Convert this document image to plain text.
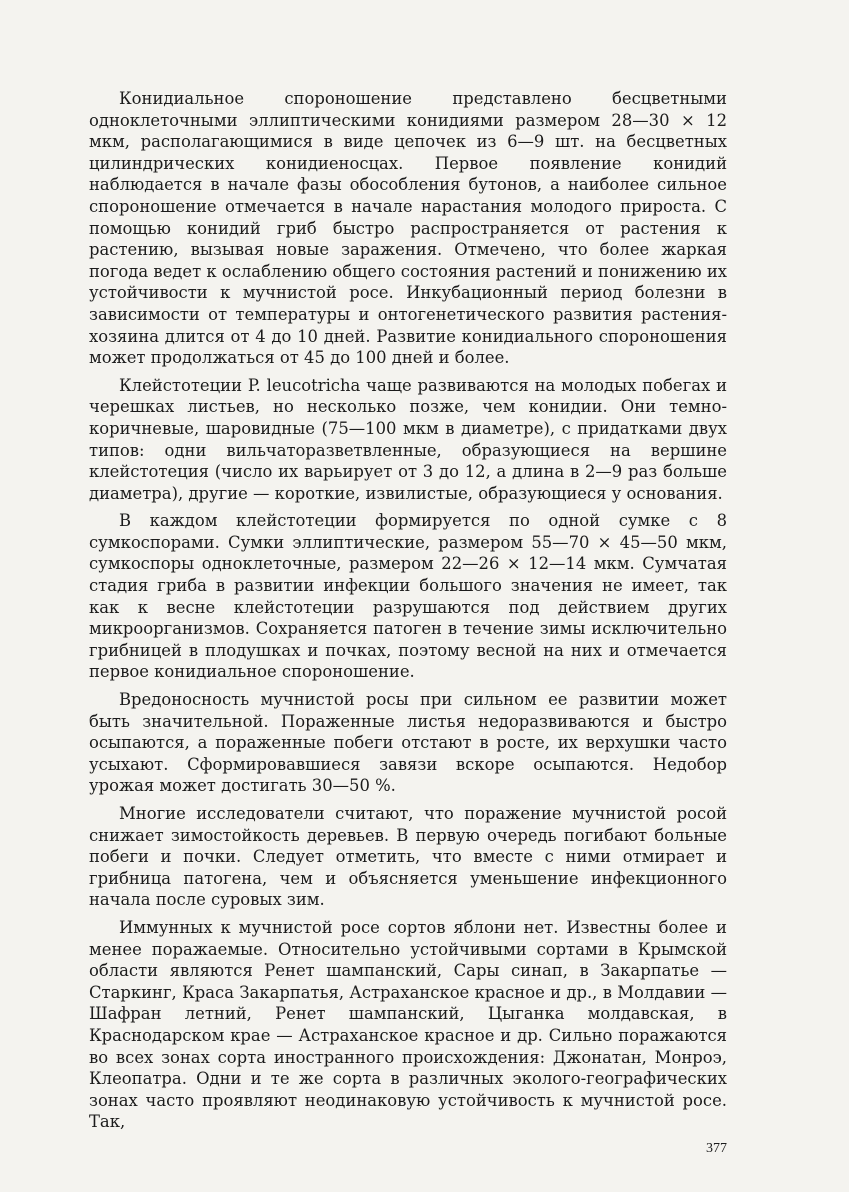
Конидиальное спороношение представлено бесцветными одноклеточными эллиптическими конидиями размером 28—30 × 12 мкм, располагающимися в виде цепочек из 6—9 шт. на бесцветных цилиндрических конидиеносцах. Первое появление конидий наблюдается в начале фазы обособления бутонов, а наиболее сильное спороношение отмечается в начале нарастания молодого прироста. С помощью конидий гриб быстро распространяется от растения к растению, вызывая новые заражения. Отмечено, что более жаркая погода ведет к ослаблению общего состояния растений и понижению их устойчивости к мучнистой росе. Инкубационный период болезни в зависимости от температуры и онтогенетического развития растения-хозяина длится от 4 до 10 дней. Развитие конидиального спороношения может продолжаться от 45 до 100 дней и более.

Клейстотеции P. leucotricha чаще развиваются на молодых побегах и черешках листьев, но несколько позже, чем конидии. Они темно-коричневые, шаровидные (75—100 мкм в диаметре), с придатками двух типов: одни вильчаторазветвленные, образующиеся на вершине клейстотеция (число их варьирует от 3 до 12, а длина в 2—9 раз больше диаметра), другие — короткие, извилистые, образующиеся у основания.

В каждом клейстотеции формируется по одной сумке с 8 сумкоспорами. Сумки эллиптические, размером 55—70 × 45—50 мкм, сумкоспоры одноклеточные, размером 22—26 × 12—14 мкм. Сумчатая стадия гриба в развитии инфекции большого значения не имеет, так как к весне клейстотеции разрушаются под действием других микроорганизмов. Сохраняется патоген в течение зимы исключительно грибницей в плодушках и почках, поэтому весной на них и отмечается первое конидиальное спороношение.

Вредоносность мучнистой росы при сильном ее развитии может быть значительной. Пораженные листья недоразвиваются и быстро осыпаются, а пораженные побеги отстают в росте, их верхушки часто усыхают. Сформировавшиеся завязи вскоре осыпаются. Недобор урожая может достигать 30—50 %.

Многие исследователи считают, что поражение мучнистой росой снижает зимостойкость деревьев. В первую очередь погибают больные побеги и почки. Следует отметить, что вместе с ними отмирает и грибница патогена, чем и объясняется уменьшение инфекционного начала после суровых зим.

Иммунных к мучнистой росе сортов яблони нет. Известны более и менее поражаемые. Относительно устойчивыми сортами в Крымской области являются Ренет шампанский, Сары синап, в Закарпатье — Старкинг, Краса Закарпатья, Астраханское красное и др., в Молдавии — Шафран летний, Ренет шампанский, Цыганка молдавская, в Краснодарском крае — Астраханское красное и др. Сильно поражаются во всех зонах сорта иностранного происхождения: Джонатан, Монроэ, Клеопатра. Одни и те же сорта в различных эколого-географических зонах часто проявляют неодинаковую устойчивость к мучнистой росе. Так,

377
